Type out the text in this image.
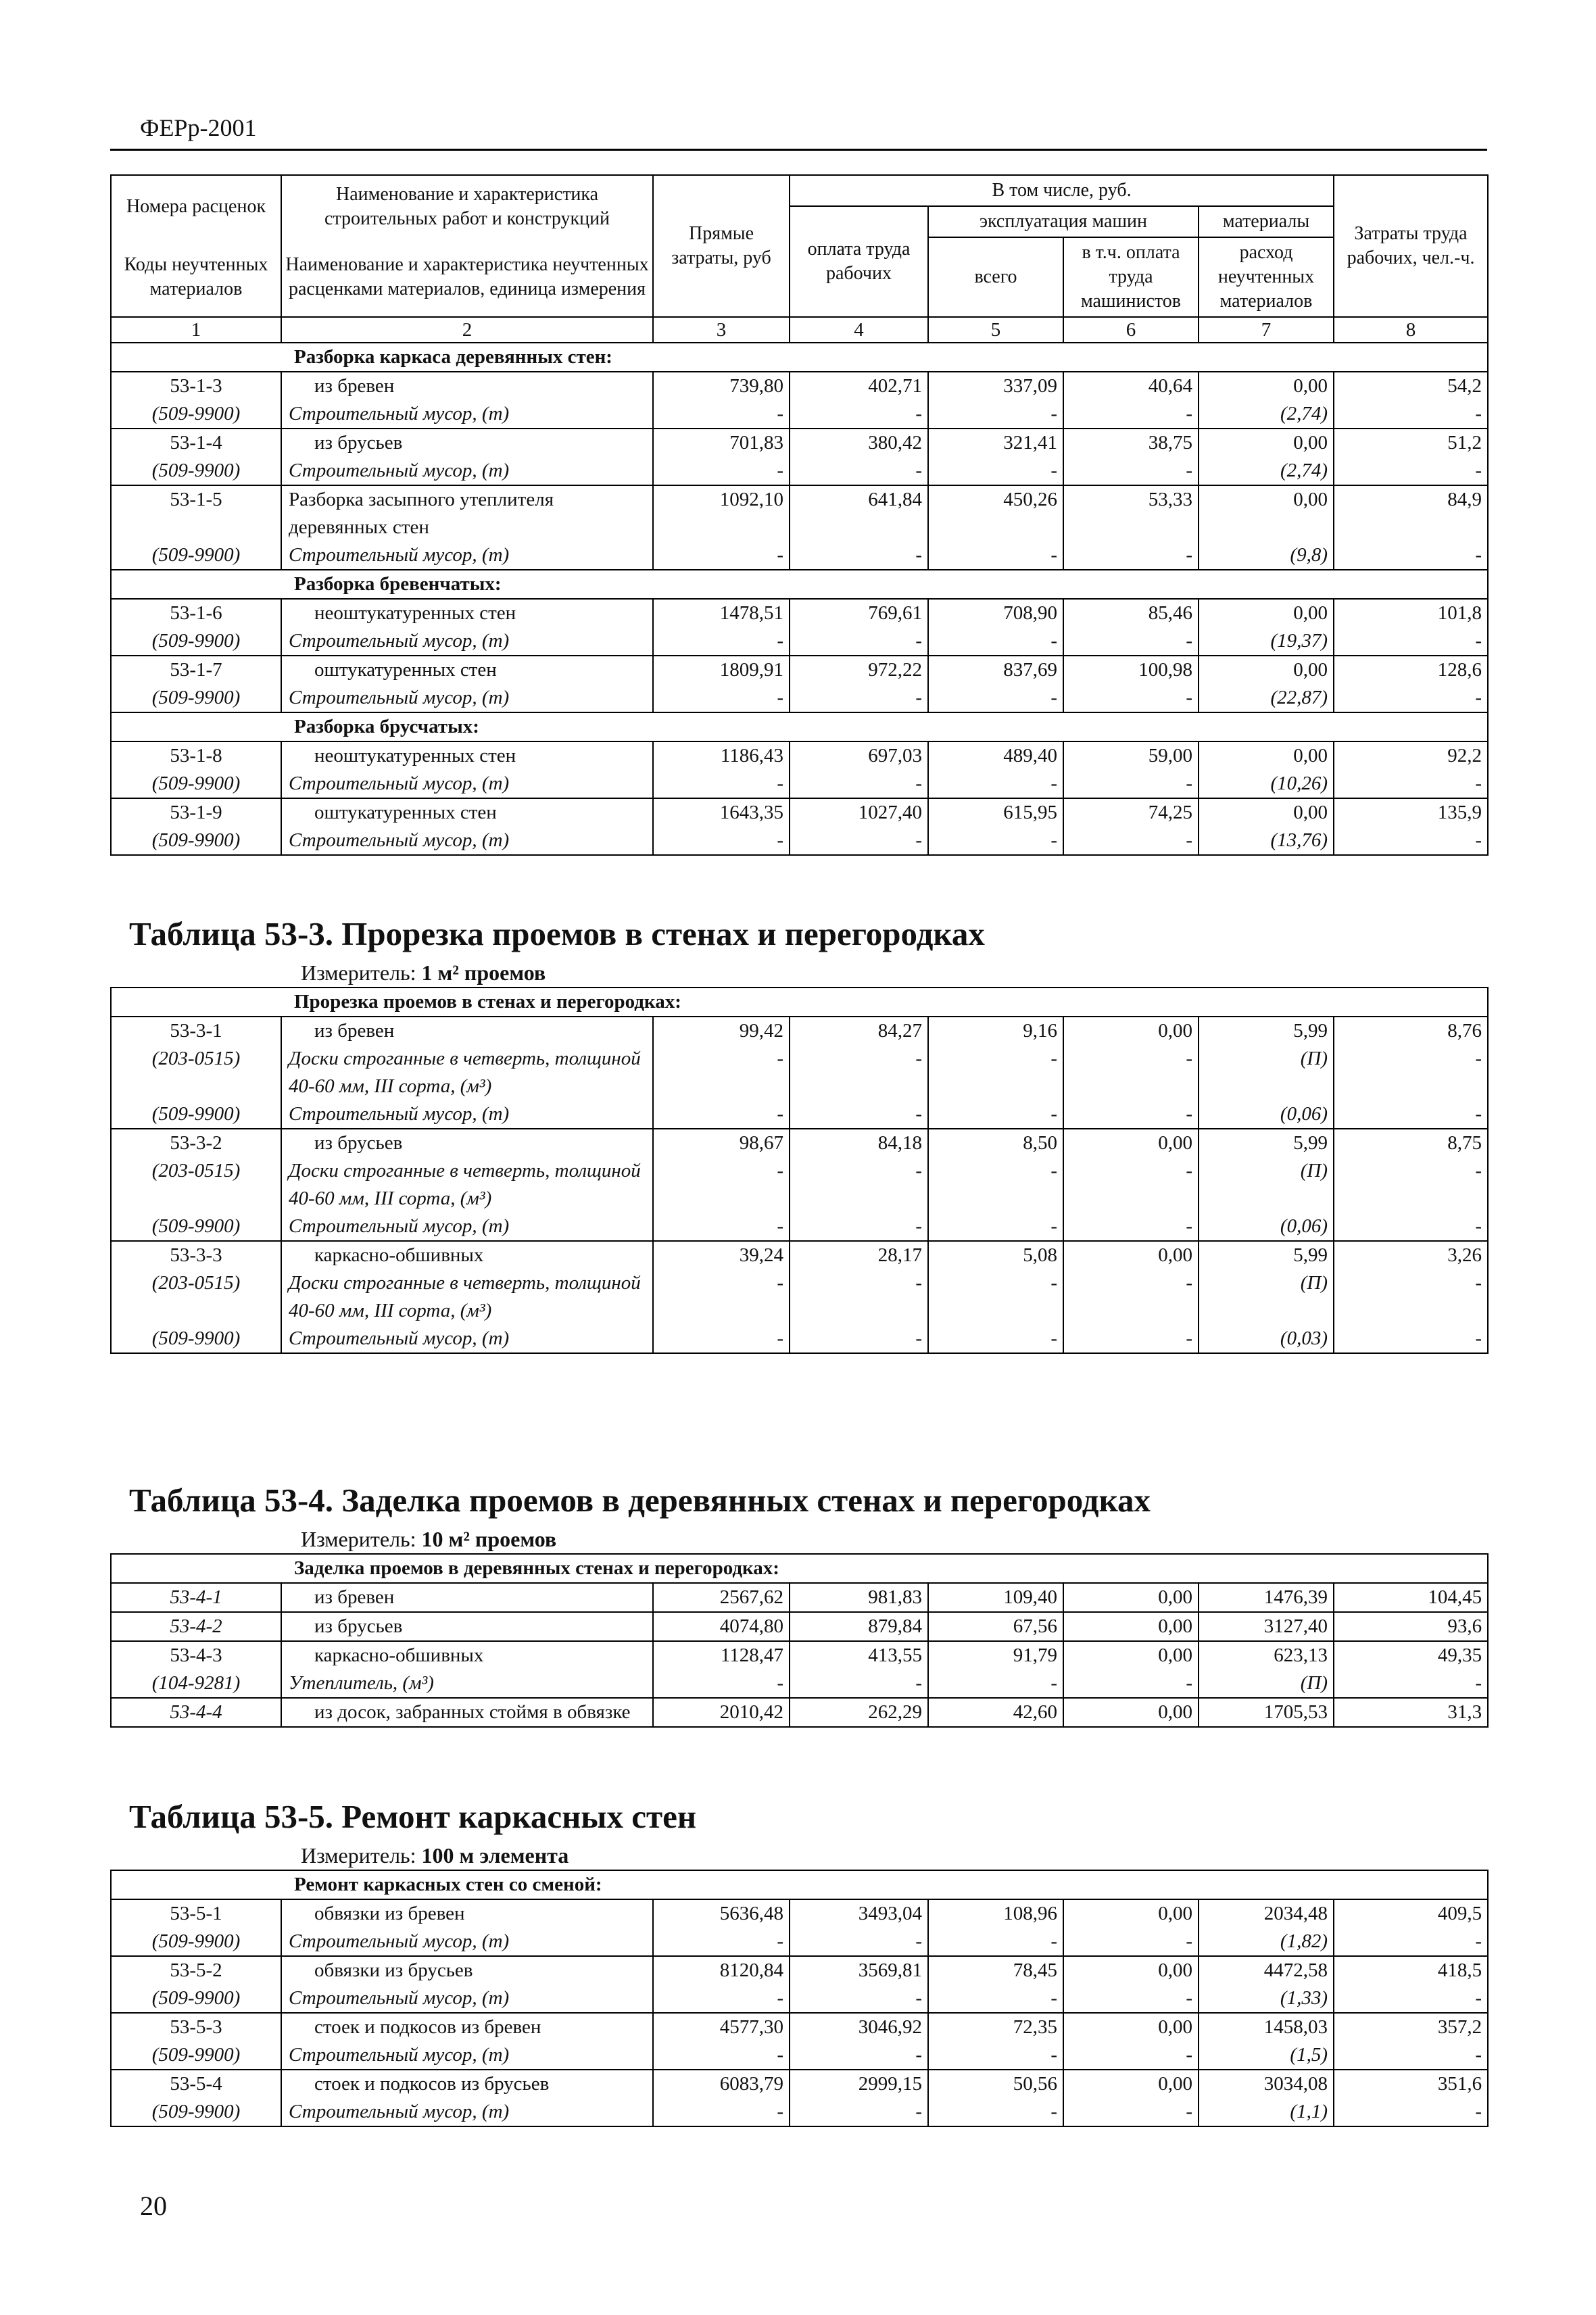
ФЕРр-2001
Номера расценок	Наименование и характеристика строительных работ и конструкций	Прямые затраты, руб	В том числе, руб.				Затраты труда рабочих, чел.-ч.
			оплата труда рабочих	эксплуатация машин		материалы	
				всего	в т.ч. оплата труда машинистов	расход неучтенных материалов	
Коды неучтенных материалов	Наименование и характеристика неучтенных расценками материалов, единица измерения						

1	2	3	4	5	6	7	8
Разборка каркаса деревянных стен:							
53-1-3	из бревен	739,80	402,71	337,09	40,64	0,00	54,2
(509-9900)	Строительный мусор, (т)	-	-	-	-	(2,74)	-
53-1-4	из брусьев	701,83	380,42	321,41	38,75	0,00	51,2
(509-9900)	Строительный мусор, (т)	-	-	-	-	(2,74)	-
53-1-5	Разборка засыпного утеплителя деревянных стен	1092,10	641,84	450,26	53,33	0,00	84,9
(509-9900)	Строительный мусор, (т)	-	-	-	-	(9,8)	-
Разборка бревенчатых:							
53-1-6	неоштукатуренных стен	1478,51	769,61	708,90	85,46	0,00	101,8
(509-9900)	Строительный мусор, (т)	-	-	-	-	(19,37)	-
53-1-7	оштукатуренных стен	1809,91	972,22	837,69	100,98	0,00	128,6
(509-9900)	Строительный мусор, (т)	-	-	-	-	(22,87)	-
Разборка брусчатых:							
53-1-8	неоштукатуренных стен	1186,43	697,03	489,40	59,00	0,00	92,2
(509-9900)	Строительный мусор, (т)	-	-	-	-	(10,26)	-
53-1-9	оштукатуренных стен	1643,35	1027,40	615,95	74,25	0,00	135,9
(509-9900)	Строительный мусор, (т)	-	-	-	-	(13,76)	-
Таблица 53-3. Прорезка проемов в стенах и перегородках
Измеритель: 1 м² проемов
Прорезка проемов в стенах и перегородках:							
53-3-1	из бревен	99,42	84,27	9,16	0,00	5,99	8,76
(203-0515)	Доски строганные в четверть, толщиной 40-60 мм, III сорта, (м³)	-	-	-	-	(П)	-
(509-9900)	Строительный мусор, (т)	-	-	-	-	(0,06)	-
53-3-2	из брусьев	98,67	84,18	8,50	0,00	5,99	8,75
(203-0515)	Доски строганные в четверть, толщиной 40-60 мм, III сорта, (м³)	-	-	-	-	(П)	-
(509-9900)	Строительный мусор, (т)	-	-	-	-	(0,06)	-
53-3-3	каркасно-обшивных	39,24	28,17	5,08	0,00	5,99	3,26
(203-0515)	Доски строганные в четверть, толщиной 40-60 мм, III сорта, (м³)	-	-	-	-	(П)	-
(509-9900)	Строительный мусор, (т)	-	-	-	-	(0,03)	-
Таблица 53-4. Заделка проемов в деревянных стенах и перегородках
Измеритель: 10 м² проемов
Заделка проемов в деревянных стенах и перегородках:							
53-4-1	из бревен	2567,62	981,83	109,40	0,00	1476,39	104,45
53-4-2	из брусьев	4074,80	879,84	67,56	0,00	3127,40	93,6
53-4-3	каркасно-обшивных	1128,47	413,55	91,79	0,00	623,13	49,35
(104-9281)	Утеплитель, (м³)	-	-	-	-	(П)	-
53-4-4	из досок, забранных стоймя в обвязке	2010,42	262,29	42,60	0,00	1705,53	31,3
Таблица 53-5. Ремонт каркасных стен
Измеритель: 100 м элемента
Ремонт каркасных стен со сменой:							
53-5-1	обвязки из бревен	5636,48	3493,04	108,96	0,00	2034,48	409,5
(509-9900)	Строительный мусор, (т)	-	-	-	-	(1,82)	-
53-5-2	обвязки из брусьев	8120,84	3569,81	78,45	0,00	4472,58	418,5
(509-9900)	Строительный мусор, (т)	-	-	-	-	(1,33)	-
53-5-3	стоек и подкосов из бревен	4577,30	3046,92	72,35	0,00	1458,03	357,2
(509-9900)	Строительный мусор, (т)	-	-	-	-	(1,5)	-
53-5-4	стоек и подкосов из брусьев	6083,79	2999,15	50,56	0,00	3034,08	351,6
(509-9900)	Строительный мусор, (т)	-	-	-	-	(1,1)	-
20
